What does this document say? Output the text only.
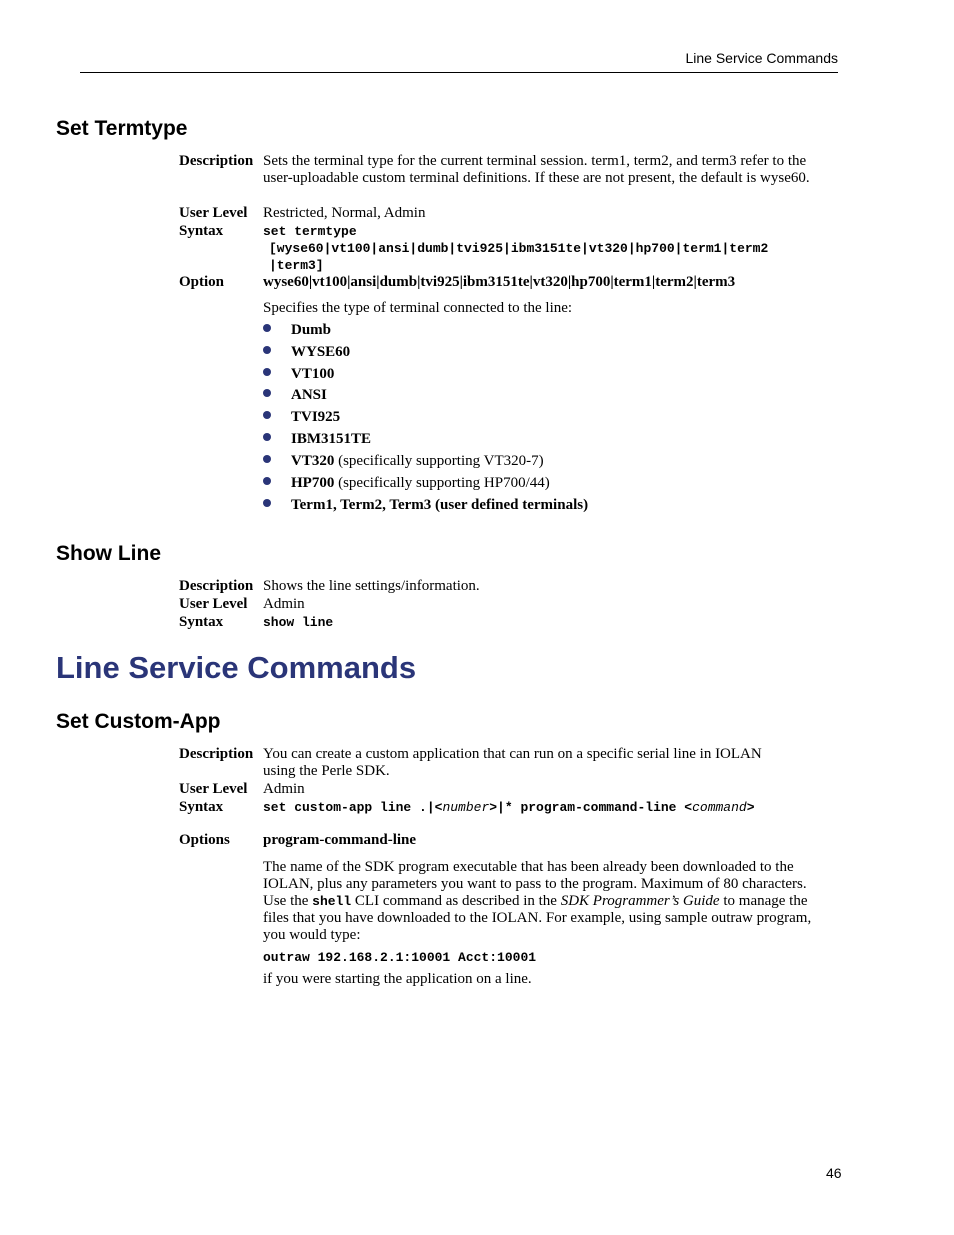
Line Service Commands
Set Termtype
Description Sets the terminal type for the current terminal session. term1, term2, and term3 refer to the user-uploadable custom terminal definitions. If these are not present, the default is wyse60.
User Level Restricted, Normal, Admin
Syntax	set termtype
[wyse60|vt100|ansi|dumb|tvi925|ibm3151te|vt320|hp700|term1|term2
|term3]
Option	wyse60|vt100|ansi|dumb|tvi925|ibm3151te|vt320|hp700|term1|term2|term3
Specifies the type of terminal connected to the line:
Dumb
WYSE60
VT100
ANSI
TVI925
IBM3151TE
VT320 (specifically supporting VT320-7)
HP700 (specifically supporting HP700/44)
Term1, Term2, Term3 (user defined terminals)
Show Line
Description Shows the line settings/information.
User Level Admin
Syntax	show line
Line Service Commands
Set Custom-App
Description You can create a custom application that can run on a specific serial line in IOLAN using the Perle SDK.
User Level Admin
Syntax	set custom-app line .|<number>|* program-command-line <command>
Options program-command-line
The name of the SDK program executable that has been already been downloaded to the IOLAN, plus any parameters you want to pass to the program. Maximum of 80 characters. Use the shell CLI command as described in the SDK Programmer’s Guide to manage the files that you have downloaded to the IOLAN. For example, using sample outraw program, you would type:
outraw 192.168.2.1:10001 Acct:10001
if you were starting the application on a line.
46
